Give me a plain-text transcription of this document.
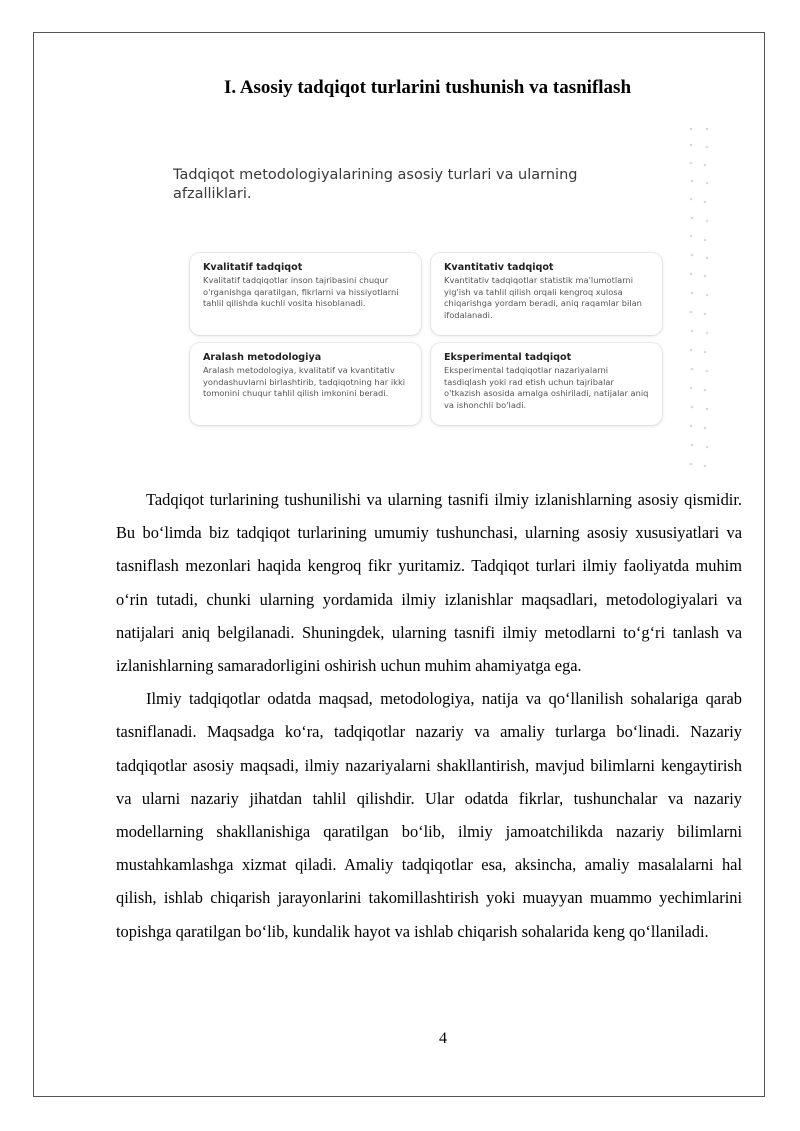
I. Asosiy tadqiqot turlarini tushunish va tasniflash
Tadqiqot metodologiyalarining asosiy turlari va ularning afzalliklari.
Kvalitatif tadqiqot
Kvalitatif tadqiqotlar inson tajribasini chuqur o'rganishga qaratilgan, fikrlarni va hissiyotlarni tahlil qilishda kuchli vosita hisoblanadi.
Kvantitativ tadqiqot
Kvantitativ tadqiqotlar statistik ma'lumotlarni yig'ish va tahlil qilish orqali kengroq xulosa chiqarishga yordam beradi, aniq raqamlar bilan ifodalanadi.
Aralash metodologiya
Aralash metodologiya, kvalitatif va kvantitativ yondashuvlarni birlashtirib, tadqiqotning har ikki tomonini chuqur tahlil qilish imkonini beradi.
Eksperimental tadqiqot
Eksperimental tadqiqotlar nazariyalarni tasdiqlash yoki rad etish uchun tajribalar o'tkazish asosida amalga oshiriladi, natijalar aniq va ishonchli bo'ladi.

Tadqiqot turlarining tushunilishi va ularning tasnifi ilmiy izlanishlarning asosiy qismidir. Bu bo‘limda biz tadqiqot turlarining umumiy tushunchasi, ularning asosiy xususiyatlari va tasniflash mezonlari haqida kengroq fikr yuritamiz. Tadqiqot turlari ilmiy faoliyatda muhim o‘rin tutadi, chunki ularning yordamida ilmiy izlanishlar maqsadlari, metodologiyalari va natijalari aniq belgilanadi. Shuningdek, ularning tasnifi ilmiy metodlarni to‘g‘ri tanlash va izlanishlarning samaradorligini oshirish uchun muhim ahamiyatga ega.

Ilmiy tadqiqotlar odatda maqsad, metodologiya, natija va qo‘llanilish sohalariga qarab tasniflanadi. Maqsadga ko‘ra, tadqiqotlar nazariy va amaliy turlarga bo‘linadi. Nazariy tadqiqotlar asosiy maqsadi, ilmiy nazariyalarni shakllantirish, mavjud bilimlarni kengaytirish va ularni nazariy jihatdan tahlil qilishdir. Ular odatda fikrlar, tushunchalar va nazariy modellarning shakllanishiga qaratilgan bo‘lib, ilmiy jamoatchilikda nazariy bilimlarni mustahkamlashga xizmat qiladi. Amaliy tadqiqotlar esa, aksincha, amaliy masalalarni hal qilish, ishlab chiqarish jarayonlarini takomillashtirish yoki muayyan muammo yechimlarini topishga qaratilgan bo‘lib, kundalik hayot va ishlab chiqarish sohalarida keng qo‘llaniladi.

4
